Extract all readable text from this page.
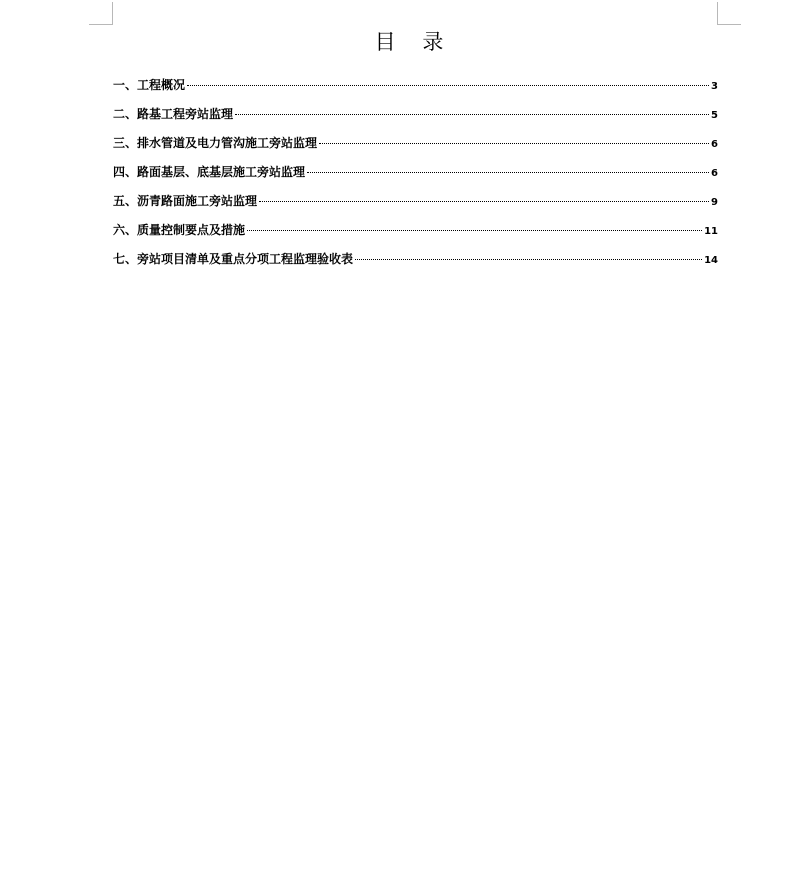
目 录
一、工程概况	3
二、路基工程旁站监理	5
三、排水管道及电力管沟施工旁站监理	6
四、路面基层、底基层施工旁站监理	6
五、沥青路面施工旁站监理	9
六、质量控制要点及措施	11
七、旁站项目清单及重点分项工程监理验收表	14
